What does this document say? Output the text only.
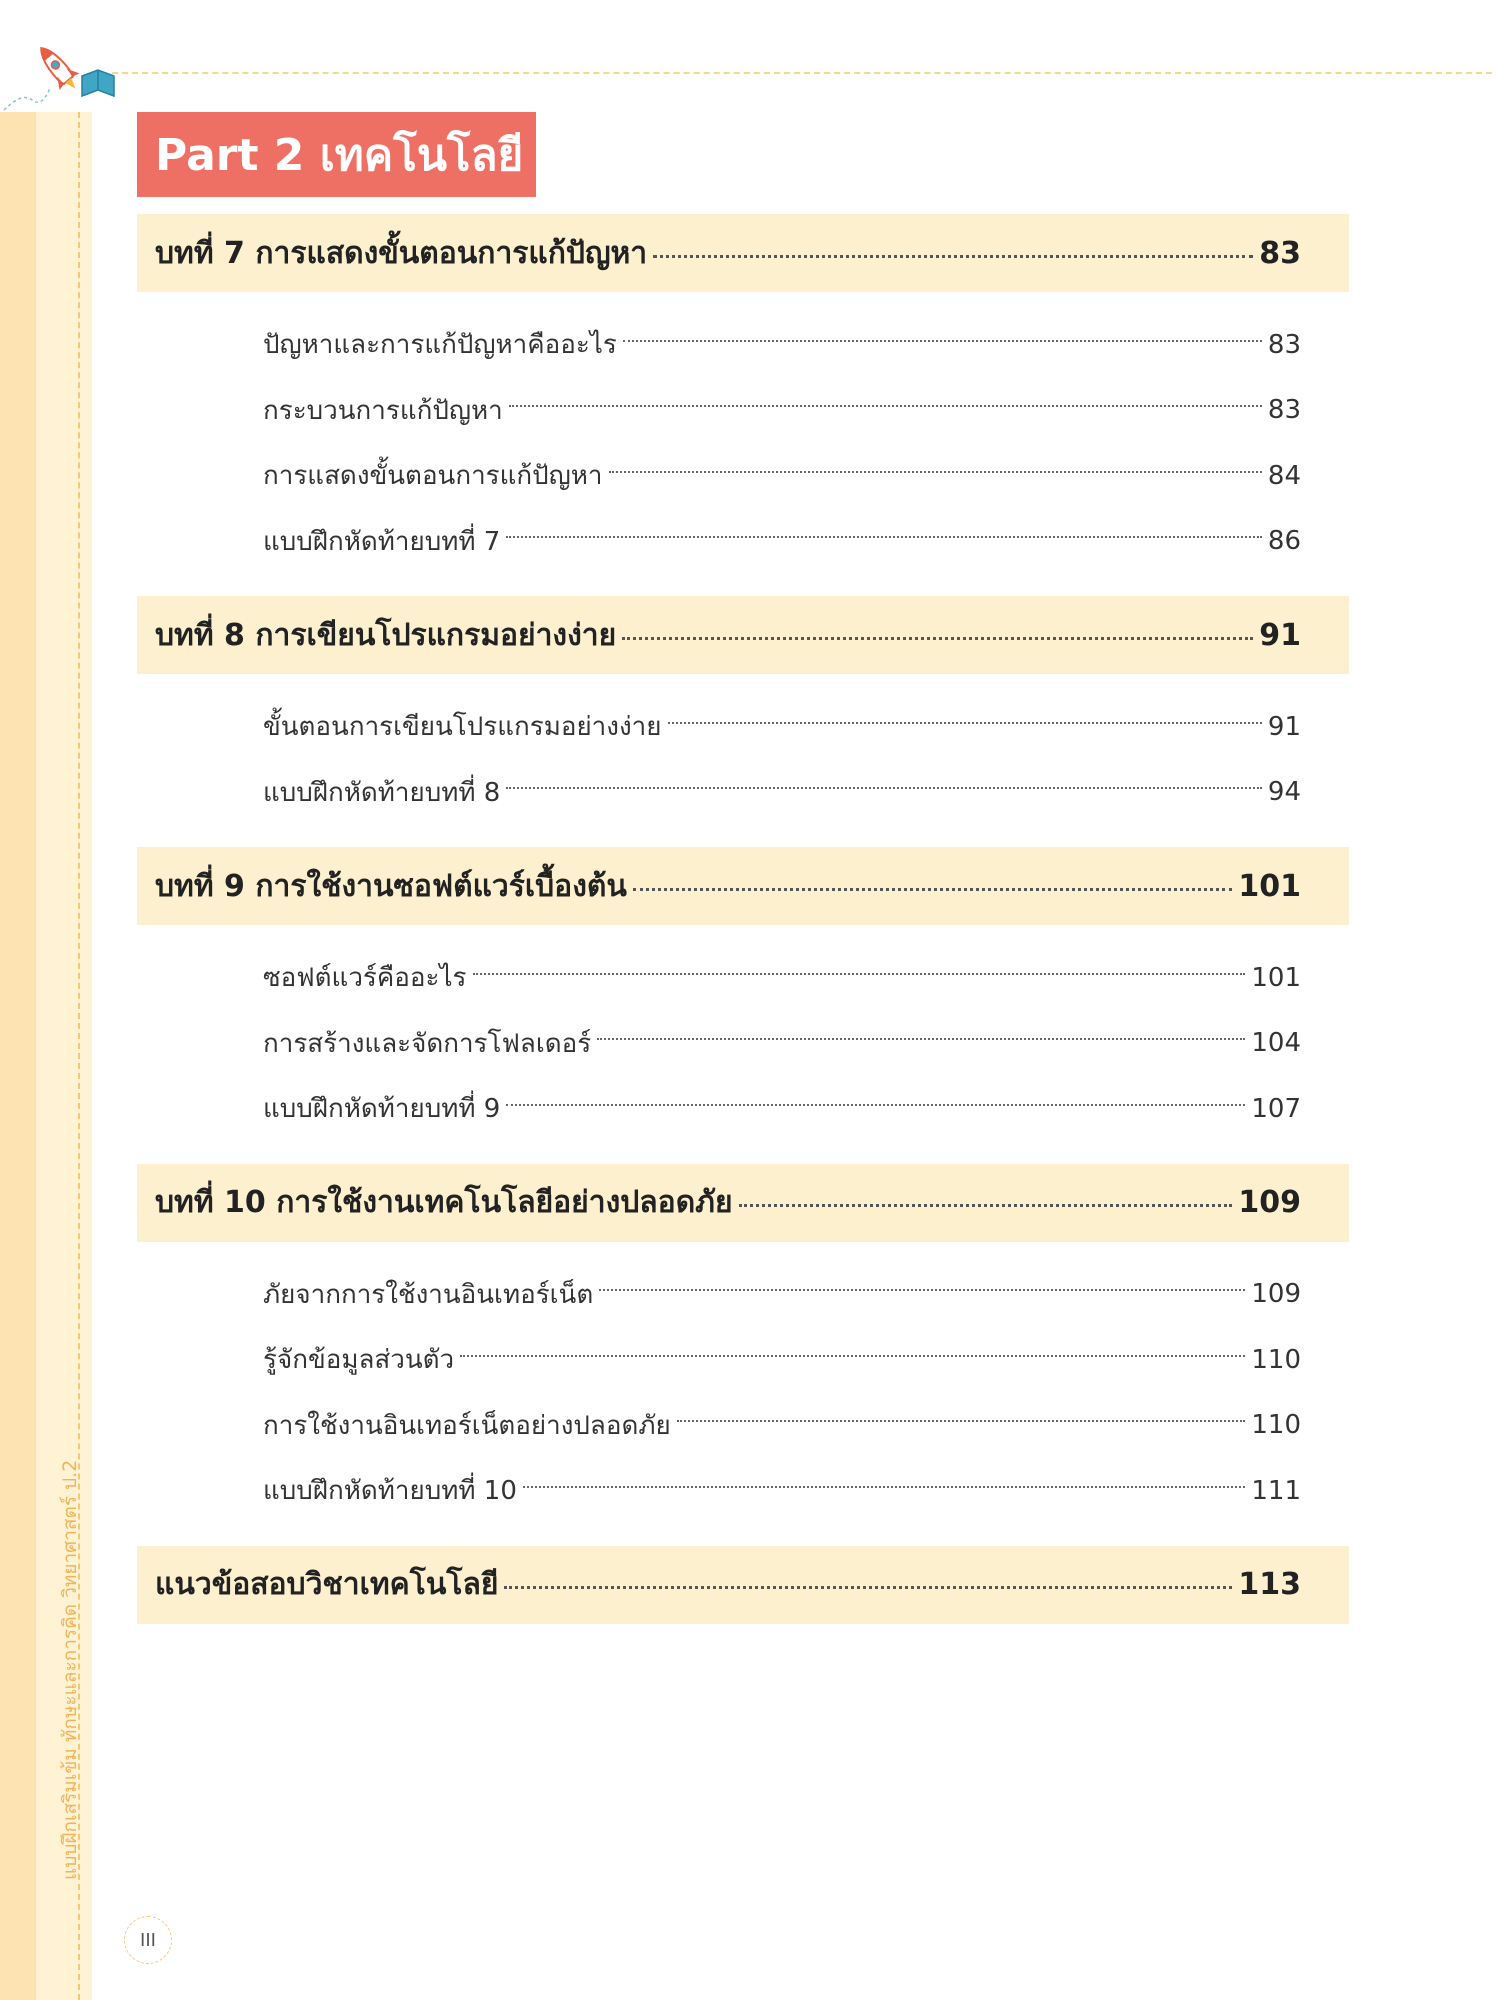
แบบฝึกเสริมเข้ม ทักษะและการคิด วิทยาศาสตร์ ป.2
Part 2 เทคโนโลยี
บทที่ 7 การแสดงขั้นตอนการแก้ปัญหา	83
ปัญหาและการแก้ปัญหาคืออะไร	83
กระบวนการแก้ปัญหา	83
การแสดงขั้นตอนการแก้ปัญหา	84
แบบฝึกหัดท้ายบทที่ 7	86
บทที่ 8 การเขียนโปรแกรมอย่างง่าย	91
ขั้นตอนการเขียนโปรแกรมอย่างง่าย	91
แบบฝึกหัดท้ายบทที่ 8	94
บทที่ 9 การใช้งานซอฟต์แวร์เบื้องต้น	101
ซอฟต์แวร์คืออะไร	101
การสร้างและจัดการโฟลเดอร์	104
แบบฝึกหัดท้ายบทที่ 9	107
บทที่ 10 การใช้งานเทคโนโลยีอย่างปลอดภัย	109
ภัยจากการใช้งานอินเทอร์เน็ต	109
รู้จักข้อมูลส่วนตัว	110
การใช้งานอินเทอร์เน็ตอย่างปลอดภัย	110
แบบฝึกหัดท้ายบทที่ 10	111
แนวข้อสอบวิชาเทคโนโลยี	113
III
